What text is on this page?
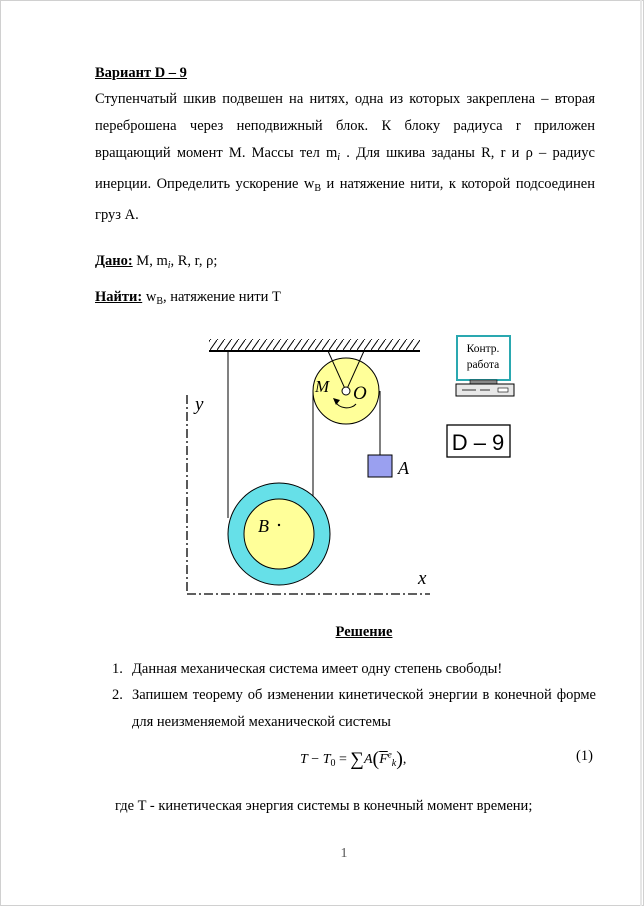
Вариант D – 9
Ступенчатый шкив подвешен на нитях, одна из которых закреплена – вторая переброшена через неподвижный блок. К блоку радиуса r приложен вращающий момент M. Массы тел $m_i$ . Для шкива заданы R, r и ρ – радиус инерции. Определить ускорение $w_B$ и натяжение нити, к которой подсоединен груз A.
Дано: M, $m_i$, R, r, ρ;
Найти: $w_B$, натяжение нити T
y
x
B
M O
A
Контр.
работа
D – 9
Решение
1. Данная механическая система имеет одну степень свободы!
2. Запишем теорему об изменении кинетической энергии в конечной форме для неизменяемой механической системы
$T - T_0 = \sum A(\overline{F}^e_k)$,	(1)
где T - кинетическая энергия системы в конечный момент времени;
1
